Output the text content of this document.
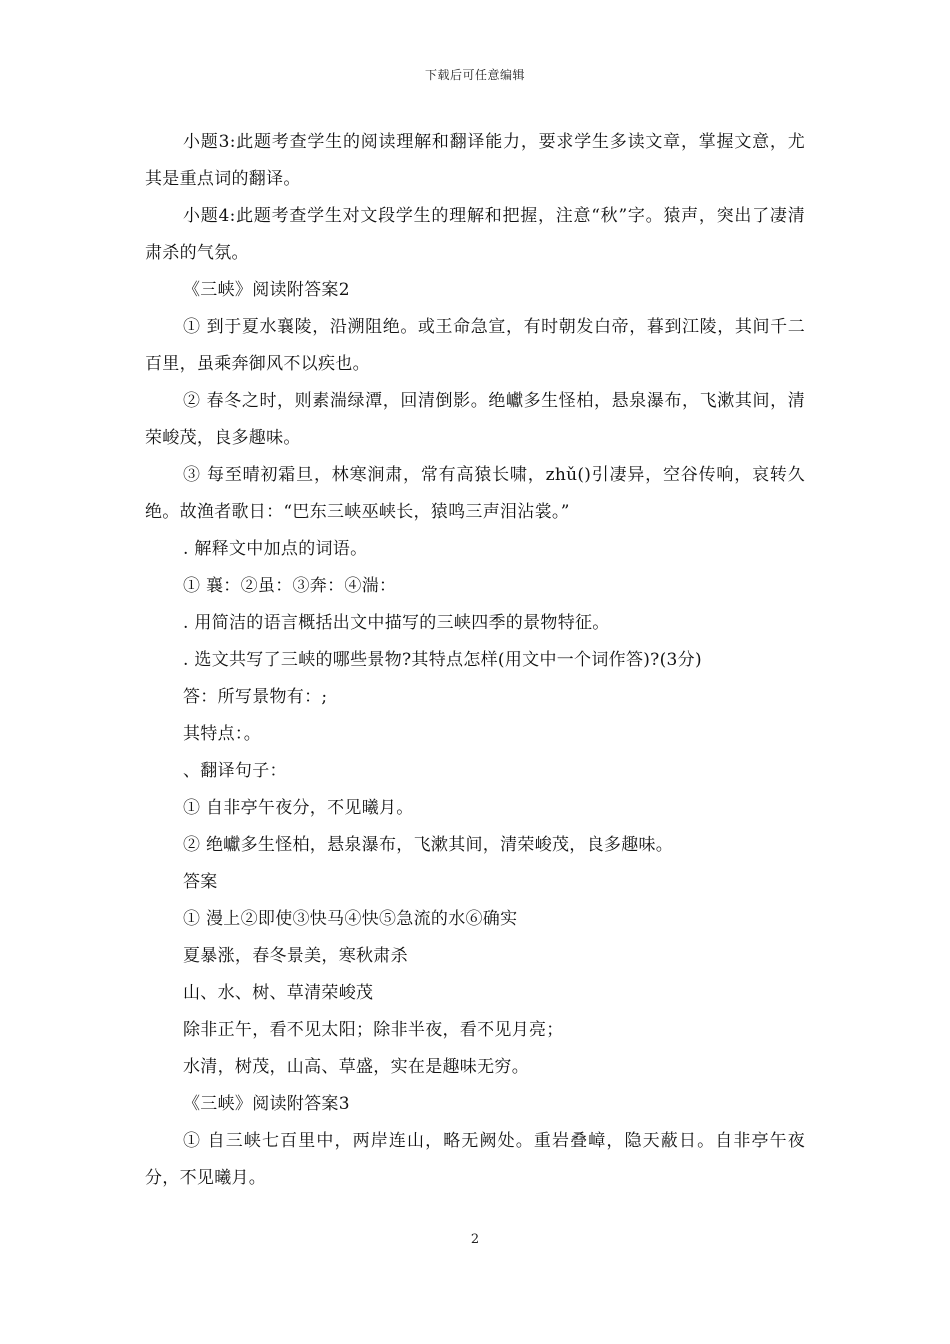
下载后可任意编辑

小题3:此题考查学生的阅读理解和翻译能力，要求学生多读文章，掌握文意，尤其是重点词的翻译。

小题4:此题考查学生对文段学生的理解和把握，注意“秋”字。猿声，突出了凄清肃杀的气氛。

《三峡》阅读附答案2

① 到于夏水襄陵，沿溯阻绝。或王命急宣，有时朝发白帝，暮到江陵，其间千二百里，虽乘奔御风不以疾也。

② 春冬之时，则素湍绿潭，回清倒影。绝巘多生怪柏，悬泉瀑布，飞漱其间，清荣峻茂，良多趣味。

③ 每至晴初霜旦，林寒涧肃，常有高猿长啸，zhǔ()引凄异，空谷传响，哀转久绝。故渔者歌日：“巴东三峡巫峡长，猿鸣三声泪沾裳。”

. 解释文中加点的词语。

① 襄：②虽：③奔：④湍：

. 用简洁的语言概括出文中描写的三峡四季的景物特征。

. 选文共写了三峡的哪些景物?其特点怎样(用文中一个词作答)?(3分)

答：所写景物有：;

其特点：。

、翻译句子：

① 自非亭午夜分，不见曦月。

② 绝巘多生怪柏，悬泉瀑布，飞漱其间，清荣峻茂，良多趣味。

答案

① 漫上②即使③快马④快⑤急流的水⑥确实

夏暴涨，春冬景美，寒秋肃杀

山、水、树、草清荣峻茂

除非正午，看不见太阳；除非半夜，看不见月亮；

水清，树茂，山高、草盛，实在是趣味无穷。

《三峡》阅读附答案3

① 自三峡七百里中，两岸连山，略无阙处。重岩叠嶂，隐天蔽日。自非亭午夜分，不见曦月。

2
